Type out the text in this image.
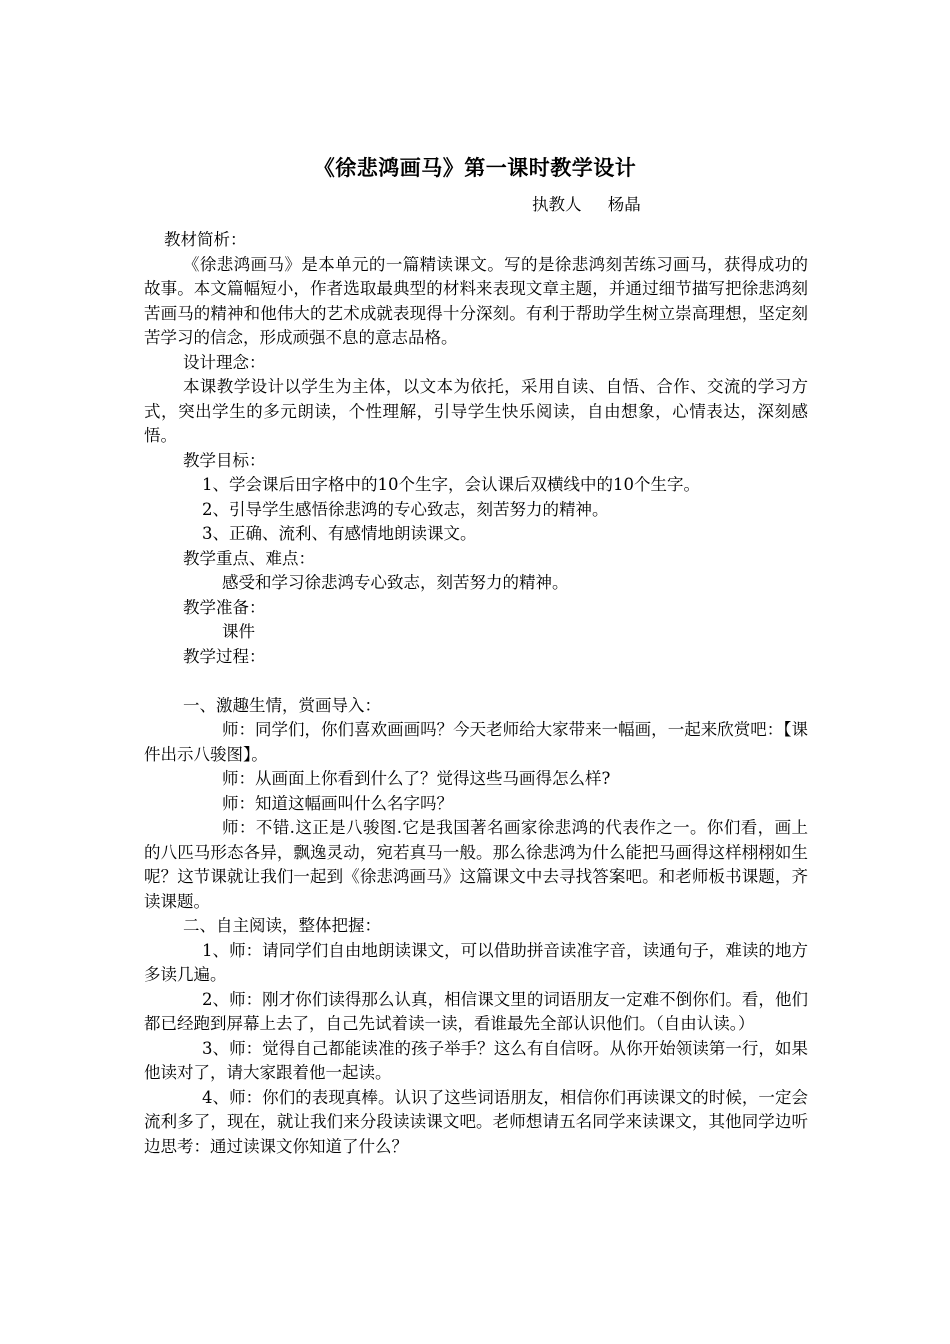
《徐悲鸿画马》第一课时教学设计
执教人     杨晶

教材简析：

《徐悲鸿画马》是本单元的一篇精读课文。写的是徐悲鸿刻苦练习画马，获得成功的故事。本文篇幅短小，作者选取最典型的材料来表现文章主题，并通过细节描写把徐悲鸿刻苦画马的精神和他伟大的艺术成就表现得十分深刻。有利于帮助学生树立崇高理想，坚定刻苦学习的信念，形成顽强不息的意志品格。

设计理念：

本课教学设计以学生为主体，以文本为依托，采用自读、自悟、合作、交流的学习方式，突出学生的多元朗读，个性理解，引导学生快乐阅读，自由想象，心情表达，深刻感悟。

教学目标：

1、学会课后田字格中的10个生字，会认课后双横线中的10个生字。

2、引导学生感悟徐悲鸿的专心致志，刻苦努力的精神。

3、正确、流利、有感情地朗读课文。

教学重点、难点：

感受和学习徐悲鸿专心致志，刻苦努力的精神。

教学准备：

课件

教学过程：

一、激趣生情，赏画导入：

师：同学们，你们喜欢画画吗？今天老师给大家带来一幅画，一起来欣赏吧：【课件出示八骏图】。

师：从画面上你看到什么了？觉得这些马画得怎么样?

师：知道这幅画叫什么名字吗？

师：不错.这正是八骏图.它是我国著名画家徐悲鸿的代表作之一。你们看，画上的八匹马形态各异，飘逸灵动，宛若真马一般。那么徐悲鸿为什么能把马画得这样栩栩如生呢？这节课就让我们一起到《徐悲鸿画马》这篇课文中去寻找答案吧。和老师板书课题，齐读课题。

二、自主阅读，整体把握：

1、师：请同学们自由地朗读课文，可以借助拼音读准字音，读通句子，难读的地方多读几遍。

2、师：刚才你们读得那么认真，相信课文里的词语朋友一定难不倒你们。看，他们都已经跑到屏幕上去了，自己先试着读一读，看谁最先全部认识他们。（自由认读。）

3、师：觉得自己都能读准的孩子举手？这么有自信呀。从你开始领读第一行，如果他读对了，请大家跟着他一起读。

4、师：你们的表现真棒。认识了这些词语朋友，相信你们再读课文的时候，一定会流利多了，现在，就让我们来分段读读课文吧。老师想请五名同学来读课文，其他同学边听边思考：通过读课文你知道了什么？
